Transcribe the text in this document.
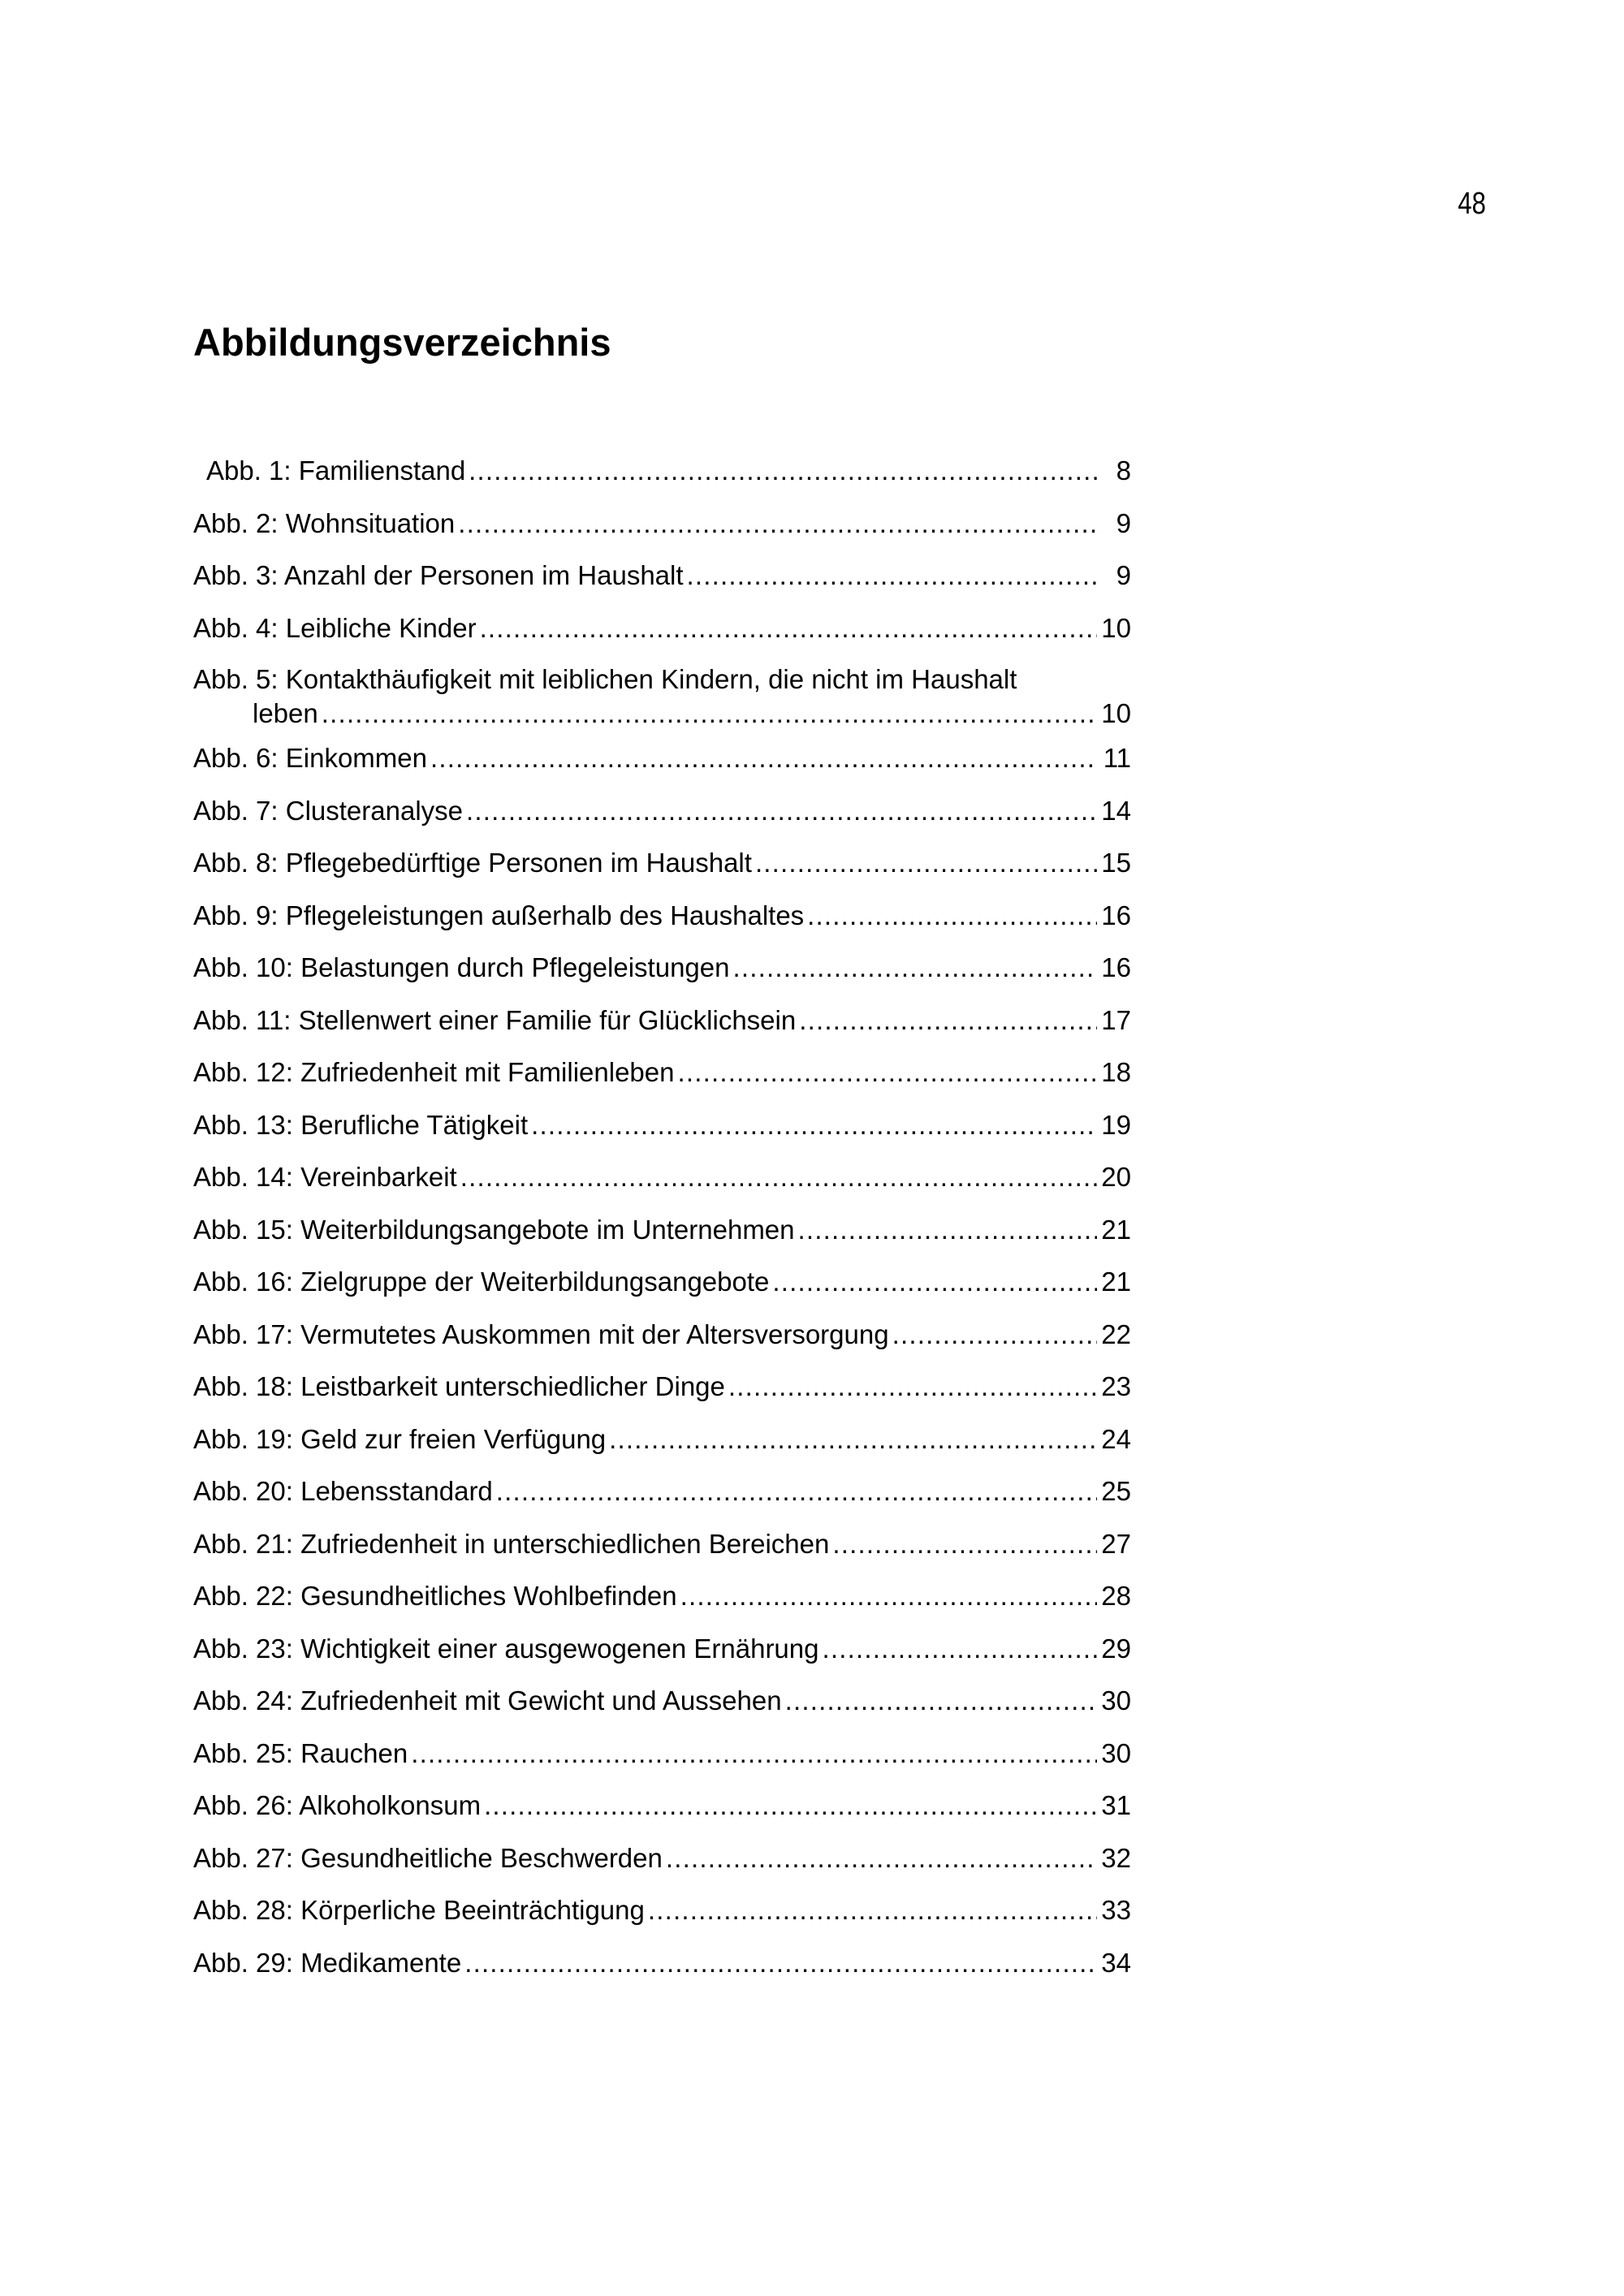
48
Abbildungsverzeichnis
Abb. 1: Familienstand .....	8
Abb. 2: Wohnsituation .....	9
Abb. 3: Anzahl der Personen im Haushalt .....	9
Abb. 4: Leibliche Kinder .....	10
Abb. 5: Kontakthäufigkeit mit leiblichen Kindern, die nicht im Haushalt
leben .....	10
Abb. 6: Einkommen .....	11
Abb. 7: Clusteranalyse .....	14
Abb. 8: Pflegebedürftige Personen im Haushalt .....	15
Abb. 9: Pflegeleistungen außerhalb des Haushaltes .....	16
Abb. 10: Belastungen durch Pflegeleistungen .....	16
Abb. 11: Stellenwert einer Familie für Glücklichsein .....	17
Abb. 12: Zufriedenheit mit Familienleben .....	18
Abb. 13: Berufliche Tätigkeit .....	19
Abb. 14: Vereinbarkeit .....	20
Abb. 15: Weiterbildungsangebote im Unternehmen .....	21
Abb. 16: Zielgruppe der Weiterbildungsangebote .....	21
Abb. 17: Vermutetes Auskommen mit der Altersversorgung .....	22
Abb. 18: Leistbarkeit unterschiedlicher Dinge .....	23
Abb. 19: Geld zur freien Verfügung .....	24
Abb. 20: Lebensstandard .....	25
Abb. 21: Zufriedenheit in unterschiedlichen Bereichen .....	27
Abb. 22: Gesundheitliches Wohlbefinden .....	28
Abb. 23: Wichtigkeit einer ausgewogenen Ernährung .....	29
Abb. 24: Zufriedenheit mit Gewicht und Aussehen .....	30
Abb. 25: Rauchen .....	30
Abb. 26: Alkoholkonsum .....	31
Abb. 27: Gesundheitliche Beschwerden .....	32
Abb. 28: Körperliche Beeinträchtigung .....	33
Abb. 29: Medikamente .....	34
